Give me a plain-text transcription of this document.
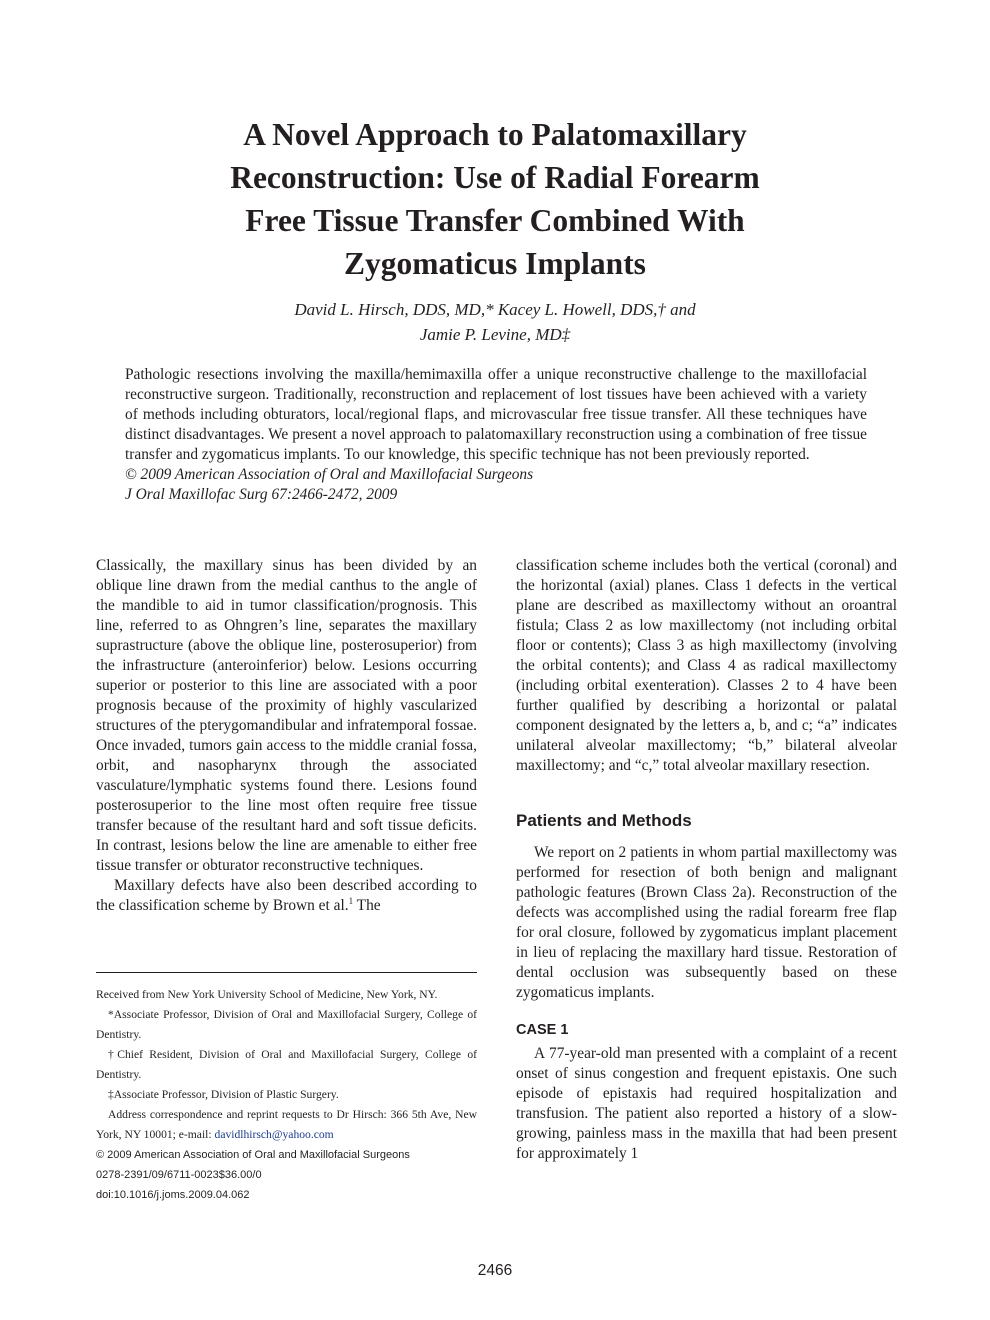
A Novel Approach to Palatomaxillary
Reconstruction: Use of Radial Forearm
Free Tissue Transfer Combined With
Zygomaticus Implants
David L. Hirsch, DDS, MD,* Kacey L. Howell, DDS,† and
Jamie P. Levine, MD‡

Pathologic resections involving the maxilla/hemimaxilla offer a unique reconstructive challenge to the maxillofacial reconstructive surgeon. Traditionally, reconstruction and replacement of lost tissues have been achieved with a variety of methods including obturators, local/regional flaps, and microvascular free tissue transfer. All these techniques have distinct disadvantages. We present a novel approach to palatomaxillary reconstruction using a combination of free tissue transfer and zygomaticus implants. To our knowledge, this specific technique has not been previously reported.

© 2009 American Association of Oral and Maxillofacial Surgeons

J Oral Maxillofac Surg 67:2466-2472, 2009

Classically, the maxillary sinus has been divided by an oblique line drawn from the medial canthus to the angle of the mandible to aid in tumor classification/prognosis. This line, referred to as Ohngren’s line, separates the maxillary suprastructure (above the oblique line, posterosuperior) from the infrastructure (anteroinferior) below. Lesions occurring superior or posterior to this line are associated with a poor prognosis because of the proximity of highly vascularized structures of the pterygomandibular and infratemporal fossae. Once invaded, tumors gain access to the middle cranial fossa, orbit, and nasopharynx through the associated vasculature/lymphatic systems found there. Lesions found posterosuperior to the line most often require free tissue transfer because of the resultant hard and soft tissue deficits. In contrast, lesions below the line are amenable to either free tissue transfer or obturator reconstructive techniques.

Maxillary defects have also been described according to the classification scheme by Brown et al.$^1$ The

Received from New York University School of Medicine, New York, NY.

*Associate Professor, Division of Oral and Maxillofacial Surgery, College of Dentistry.

†Chief Resident, Division of Oral and Maxillofacial Surgery, College of Dentistry.

‡Associate Professor, Division of Plastic Surgery.

Address correspondence and reprint requests to Dr Hirsch: 366 5th Ave, New York, NY 10001; e-mail: davidlhirsch@yahoo.com

© 2009 American Association of Oral and Maxillofacial Surgeons

0278-2391/09/6711-0023$36.00/0

doi:10.1016/j.joms.2009.04.062

classification scheme includes both the vertical (coronal) and the horizontal (axial) planes. Class 1 defects in the vertical plane are described as maxillectomy without an oroantral fistula; Class 2 as low maxillectomy (not including orbital floor or contents); Class 3 as high maxillectomy (involving the orbital contents); and Class 4 as radical maxillectomy (including orbital exenteration). Classes 2 to 4 have been further qualified by describing a horizontal or palatal component designated by the letters a, b, and c; “a” indicates unilateral alveolar maxillectomy; “b,” bilateral alveolar maxillectomy; and “c,” total alveolar maxillary resection.

Patients and Methods

We report on 2 patients in whom partial maxillectomy was performed for resection of both benign and malignant pathologic features (Brown Class 2a). Reconstruction of the defects was accomplished using the radial forearm free flap for oral closure, followed by zygomaticus implant placement in lieu of replacing the maxillary hard tissue. Restoration of dental occlusion was subsequently based on these zygomaticus implants.

CASE 1

A 77-year-old man presented with a complaint of a recent onset of sinus congestion and frequent epistaxis. One such episode of epistaxis had required hospitalization and transfusion. The patient also reported a history of a slow-growing, painless mass in the maxilla that had been present for approximately 1

2466
